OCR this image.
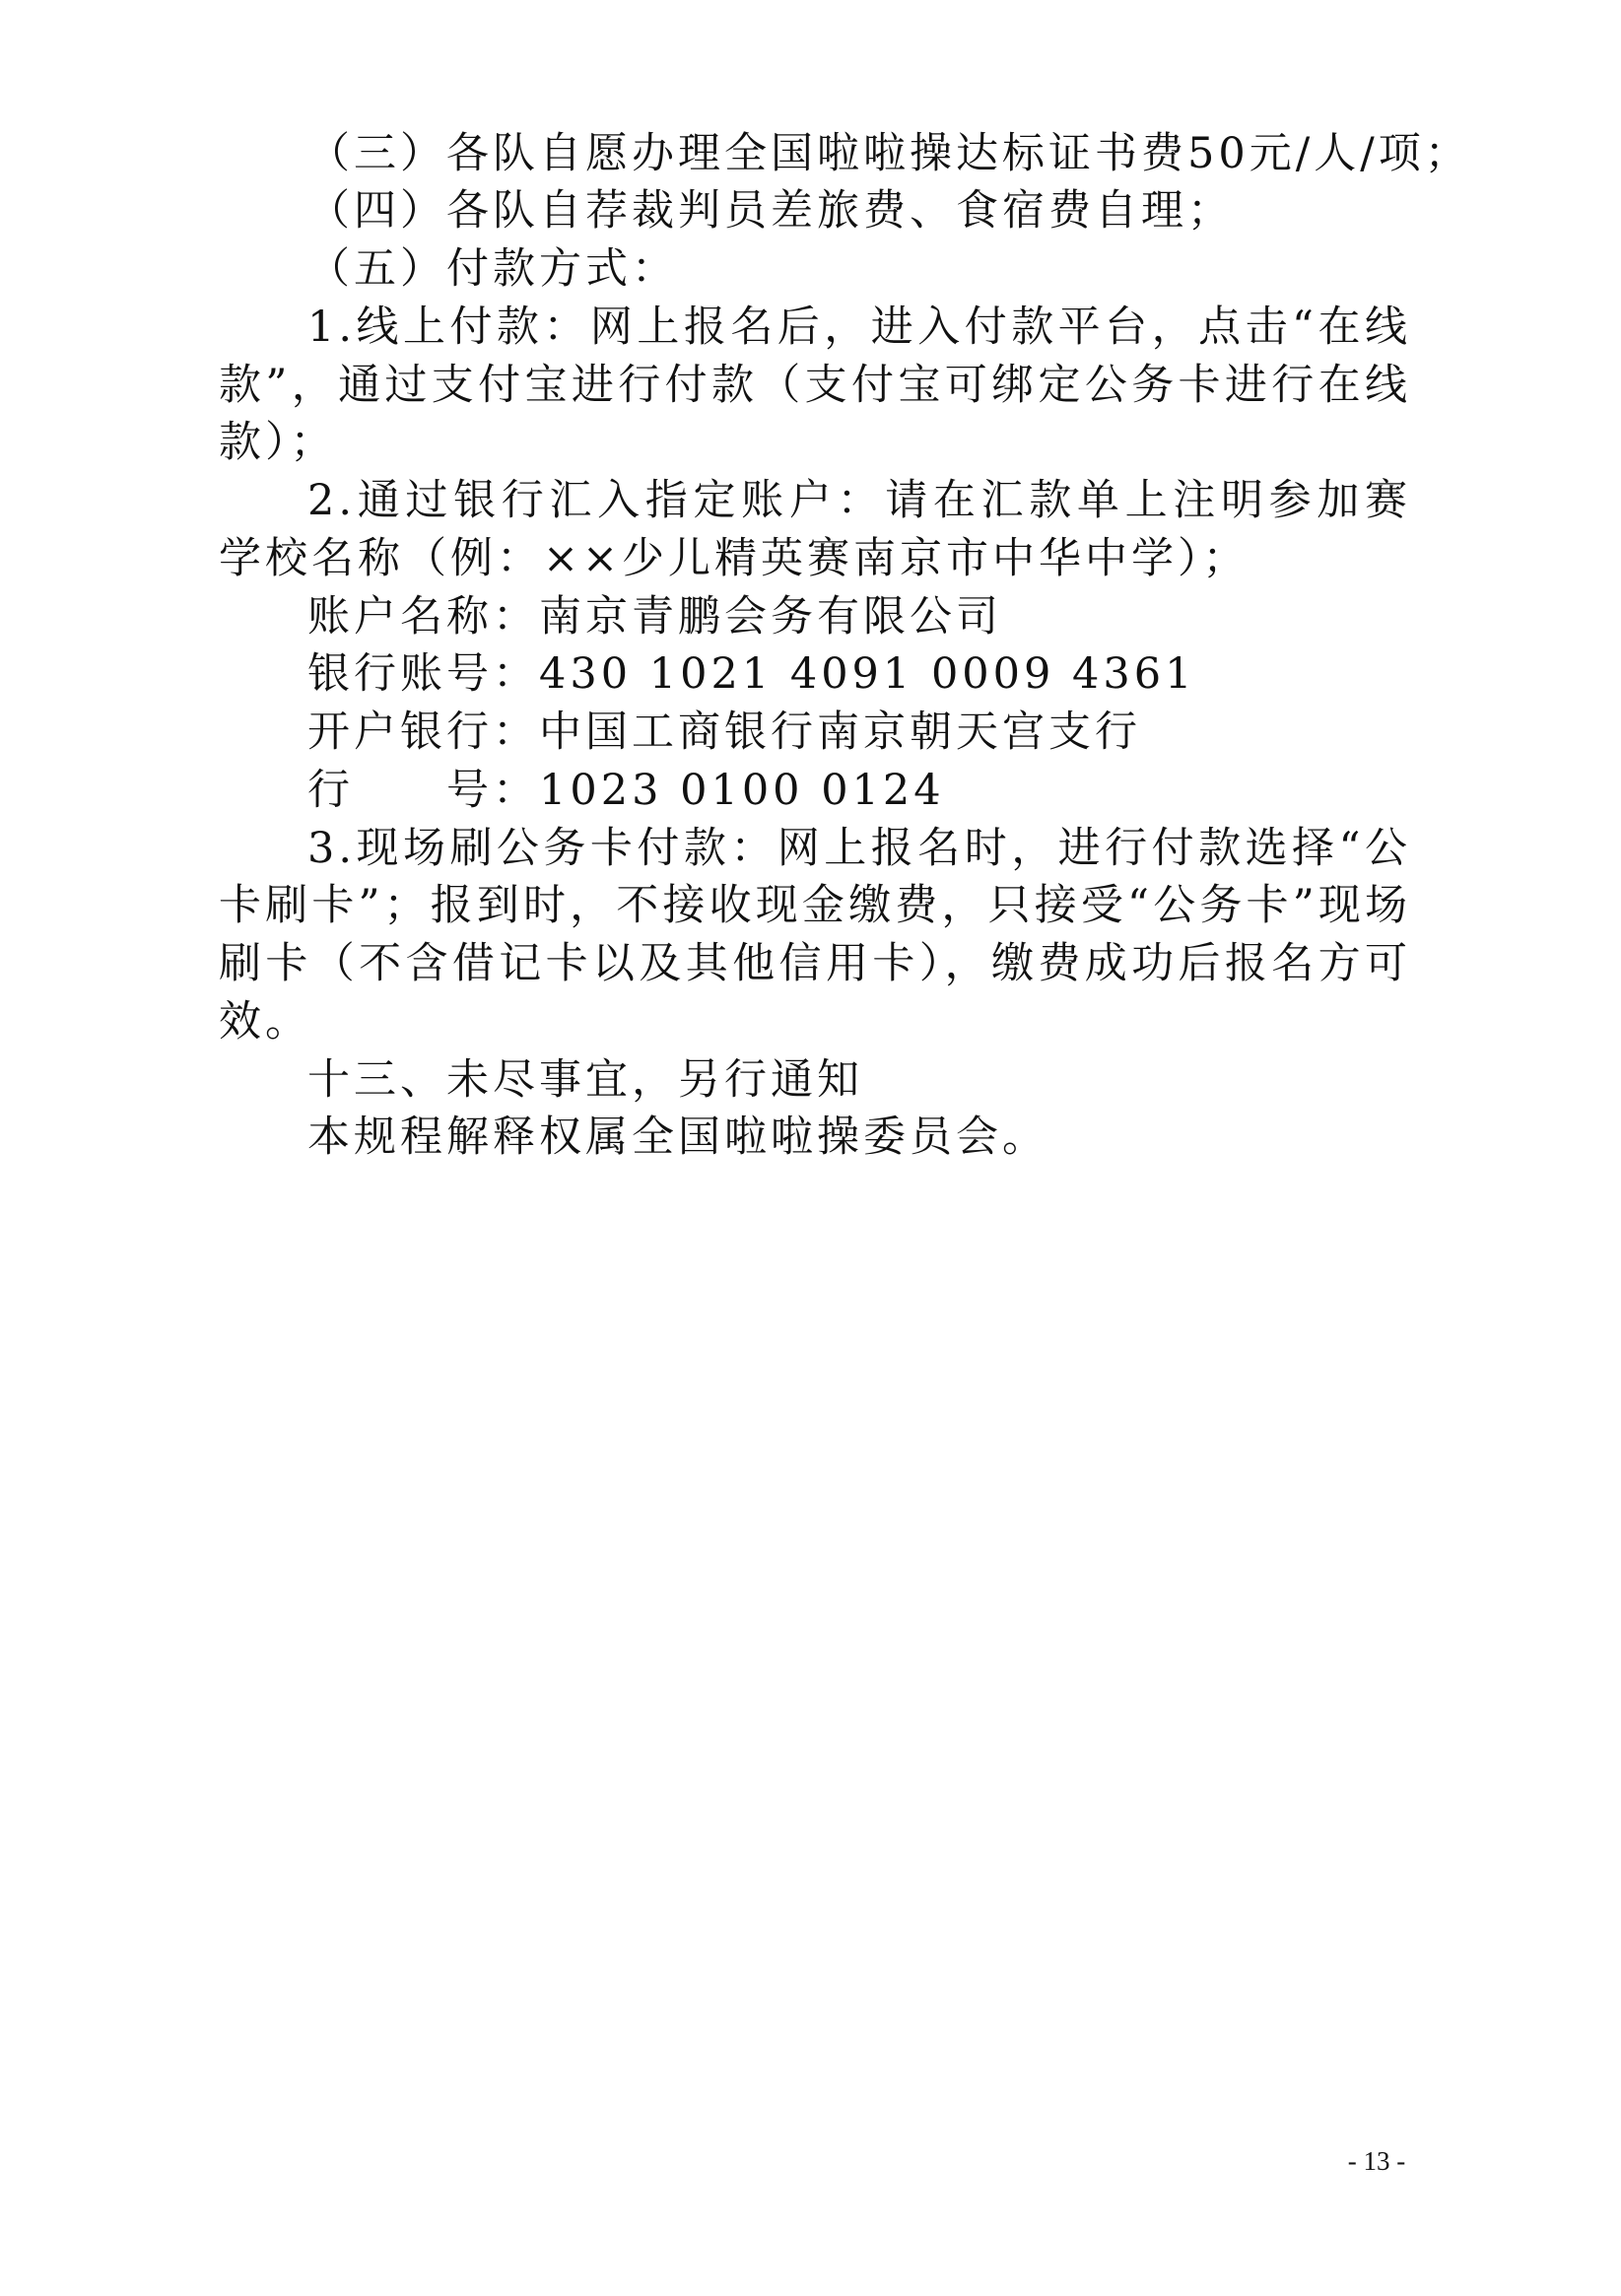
（三）各队自愿办理全国啦啦操达标证书费50元/人/项；
（四）各队自荐裁判员差旅费、食宿费自理；
（五）付款方式：
1.线上付款：网上报名后，进入付款平台，点击“在线
款”，通过支付宝进行付款（支付宝可绑定公务卡进行在线
款）；
2.通过银行汇入指定账户：请在汇款单上注明参加赛
学校名称（例：××少儿精英赛南京市中华中学）；
账户名称：南京青鹏会务有限公司
银行账号：430 1021 4091 0009 4361
开户银行：中国工商银行南京朝天宫支行
行　　号：1023 0100 0124
3.现场刷公务卡付款：网上报名时，进行付款选择“公
卡刷卡”；报到时，不接收现金缴费，只接受“公务卡”现场
刷卡（不含借记卡以及其他信用卡），缴费成功后报名方可
效。
十三、未尽事宜，另行通知
本规程解释权属全国啦啦操委员会。
- 13 -
